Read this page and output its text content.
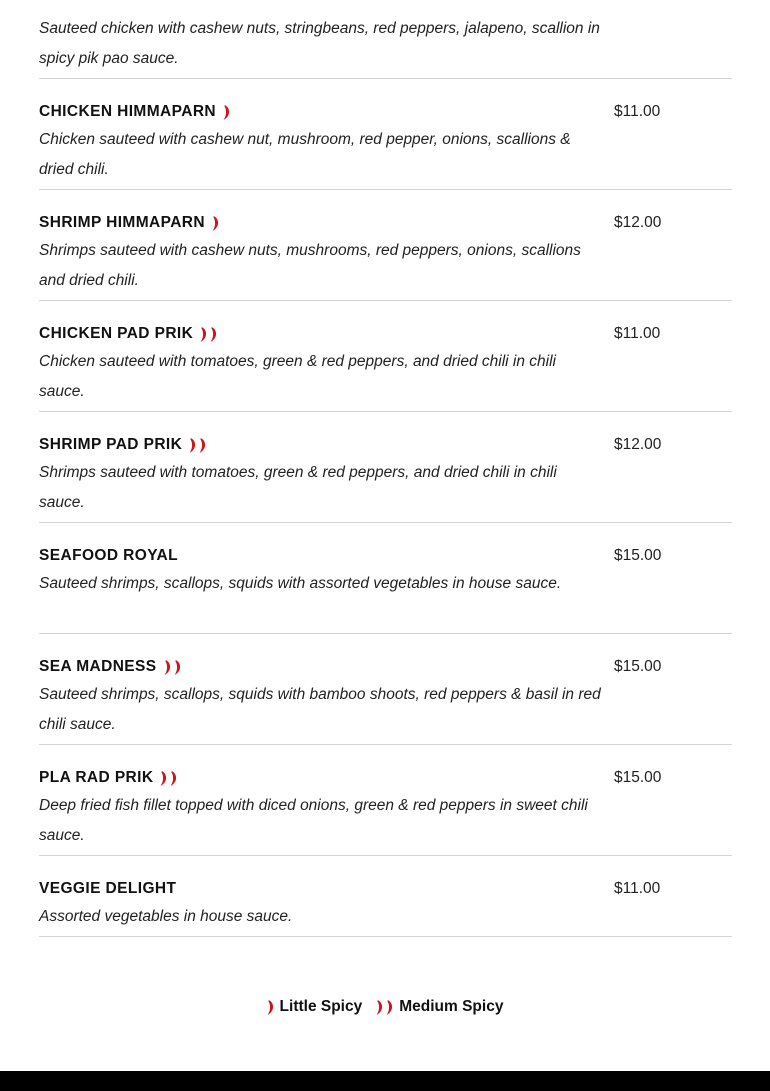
Sauteed chicken with cashew nuts, stringbeans, red peppers, jalapeno, scallion in spicy pik pao sauce.
CHICKEN HIMMAPARN
Chicken sauteed with cashew nut, mushroom, red pepper, onions, scallions & dried chili.
$11.00
SHRIMP HIMMAPARN
Shrimps sauteed with cashew nuts, mushrooms, red peppers, onions, scallions and dried chili.
$12.00
CHICKEN PAD PRIK
Chicken sauteed with tomatoes, green & red peppers, and dried chili in chili sauce.
$11.00
SHRIMP PAD PRIK
Shrimps sauteed with tomatoes, green & red peppers, and dried chili in chili sauce.
$12.00
SEAFOOD ROYAL
Sauteed shrimps, scallops, squids with assorted vegetables in house sauce.
$15.00
SEA MADNESS
Sauteed shrimps, scallops, squids with bamboo shoots, red peppers & basil in red chili sauce.
$15.00
PLA RAD PRIK
Deep fried fish fillet topped with diced onions, green & red peppers in sweet chili sauce.
$15.00
VEGGIE DELIGHT
Assorted vegetables in house sauce.
$11.00
Little Spicy Medium Spicy
